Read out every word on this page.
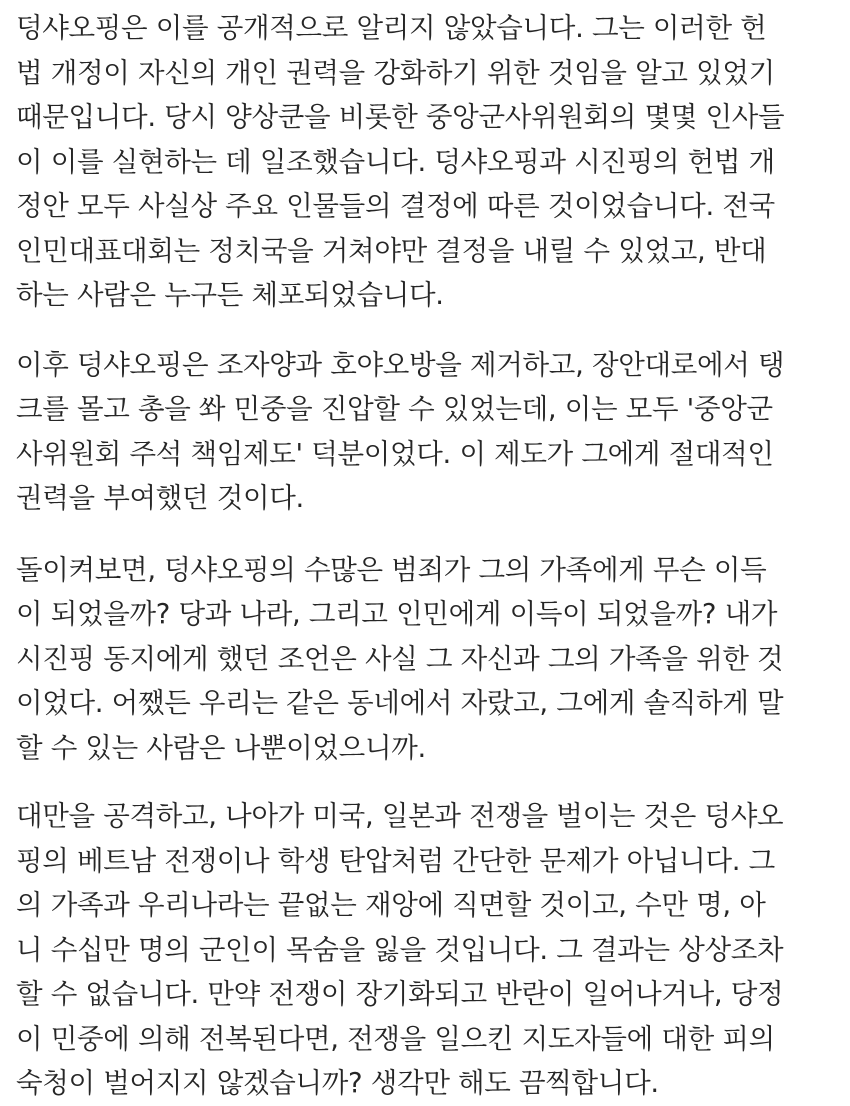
덩샤오핑은 이를 공개적으로 알리지 않았습니다. 그는 이러한 헌
법 개정이 자신의 개인 권력을 강화하기 위한 것임을 알고 있었기
때문입니다. 당시 양상쿤을 비롯한 중앙군사위원회의 몇몇 인사들
이 이를 실현하는 데 일조했습니다. 덩샤오핑과 시진핑의 헌법 개
정안 모두 사실상 주요 인물들의 결정에 따른 것이었습니다. 전국
인민대표대회는 정치국을 거쳐야만 결정을 내릴 수 있었고, 반대
하는 사람은 누구든 체포되었습니다.

이후 덩샤오핑은 조자양과 호야오방을 제거하고, 장안대로에서 탱
크를 몰고 총을 쏴 민중을 진압할 수 있었는데, 이는 모두 '중앙군
사위원회 주석 책임제도' 덕분이었다. 이 제도가 그에게 절대적인
권력을 부여했던 것이다.

돌이켜보면, 덩샤오핑의 수많은 범죄가 그의 가족에게 무슨 이득
이 되었을까? 당과 나라, 그리고 인민에게 이득이 되었을까? 내가
시진핑 동지에게 했던 조언은 사실 그 자신과 그의 가족을 위한 것
이었다. 어쨌든 우리는 같은 동네에서 자랐고, 그에게 솔직하게 말
할 수 있는 사람은 나뿐이었으니까.

대만을 공격하고, 나아가 미국, 일본과 전쟁을 벌이는 것은 덩샤오
핑의 베트남 전쟁이나 학생 탄압처럼 간단한 문제가 아닙니다. 그
의 가족과 우리나라는 끝없는 재앙에 직면할 것이고, 수만 명, 아
니 수십만 명의 군인이 목숨을 잃을 것입니다. 그 결과는 상상조차
할 수 없습니다. 만약 전쟁이 장기화되고 반란이 일어나거나, 당정
이 민중에 의해 전복된다면, 전쟁을 일으킨 지도자들에 대한 피의
숙청이 벌어지지 않겠습니까? 생각만 해도 끔찍합니다.
